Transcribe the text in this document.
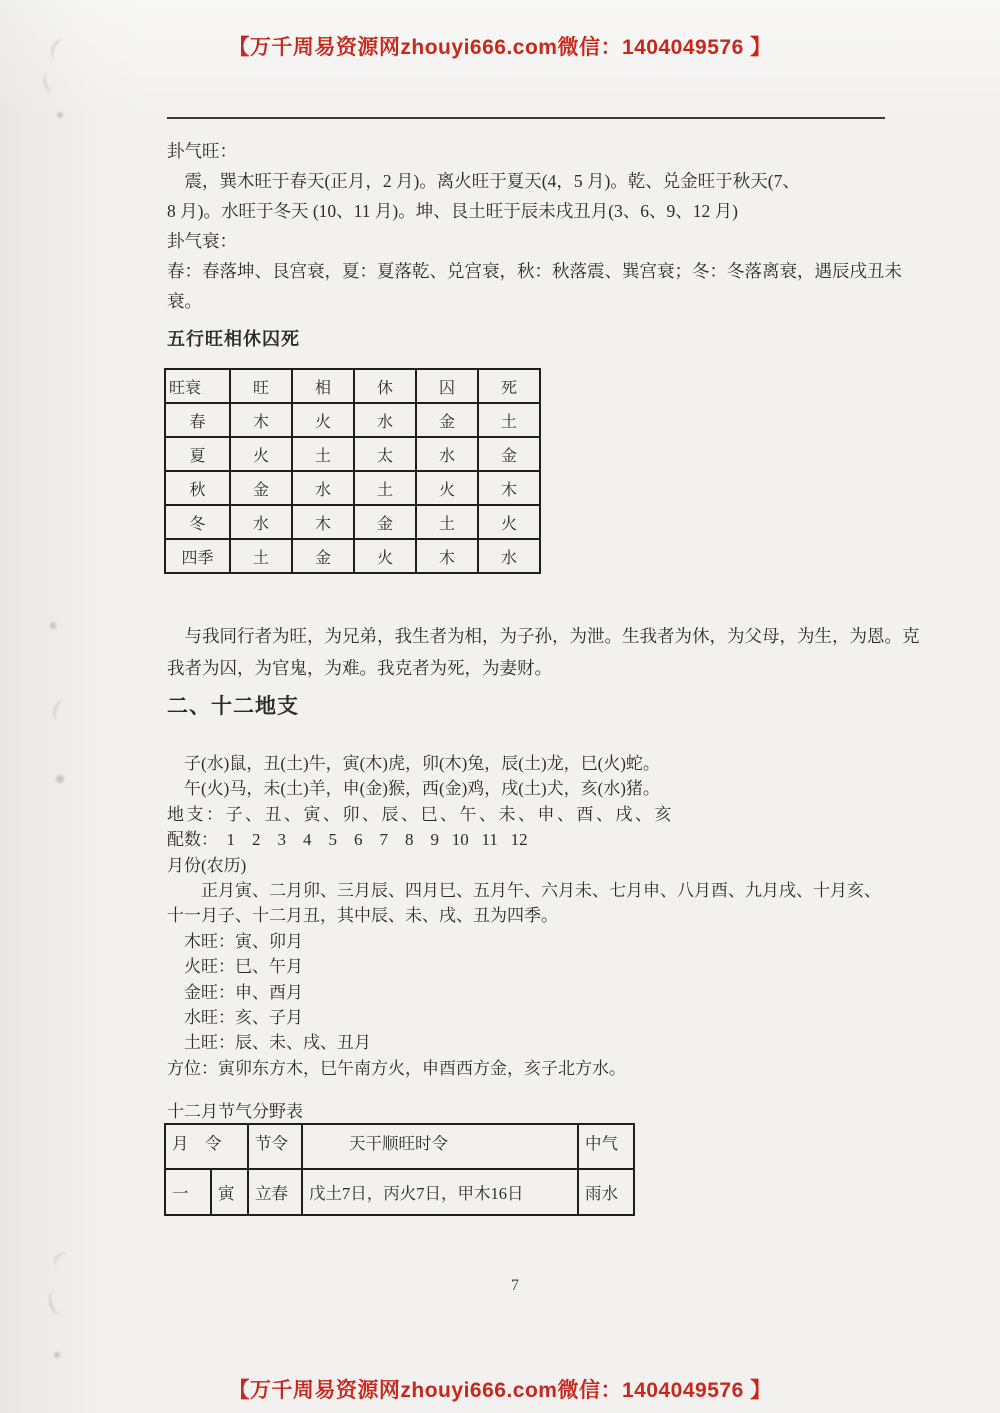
【万千周易资源网zhouyi666.com微信：1404049576 】
卦气旺：
　震，巽木旺于春天(正月，2 月)。离火旺于夏天(4，5 月)。乾、兑金旺于秋天(7、
8 月)。水旺于冬天 (10、11 月)。坤、艮土旺于辰未戌丑月(3、6、9、12 月)
卦气衰：
春：春落坤、艮宫衰，夏：夏落乾、兑宫衰，秋：秋落震、巽宫衰；冬：冬落离衰，遇辰戌丑未
衰。
五行旺相休囚死
旺衰	旺	相	休	囚	死
春	木	火	水	金	土
夏	火	土	太	水	金
秋	金	水	土	火	木
冬	水	木	金	土	火
四季	土	金	火	木	水
　与我同行者为旺，为兄弟，我生者为相，为子孙，为泄。生我者为休，为父母，为生，为恩。克
我者为囚，为官鬼，为难。我克者为死，为妻财。
二、十二地支
　子(水)鼠，丑(土)牛，寅(木)虎，卯(木)兔，辰(土)龙，巳(火)蛇。
　午(火)马，未(土)羊，申(金)猴，西(金)鸡，戌(土)犬，亥(水)猪。
地支：子、丑、寅、卯、辰、巳、午、未、申、酉、戌、亥
配数：  1    2    3    4    5    6    7    8    9   10   11   12
月份(农历)
　　正月寅、二月卯、三月辰、四月巳、五月午、六月未、七月申、八月酉、九月戌、十月亥、
十一月子、十二月丑，其中辰、未、戌、丑为四季。
　木旺：寅、卯月
　火旺：巳、午月
　金旺：申、酉月
　水旺：亥、子月
　土旺：辰、未、戌、丑月
方位：寅卯东方木，巳午南方火，申酉西方金，亥子北方水。
十二月节气分野表
月　令		节令	天干顺旺时令	中气
一	寅	立春	戊土7日，丙火7日，甲木16日	雨水
7
【万千周易资源网zhouyi666.com微信：1404049576 】
